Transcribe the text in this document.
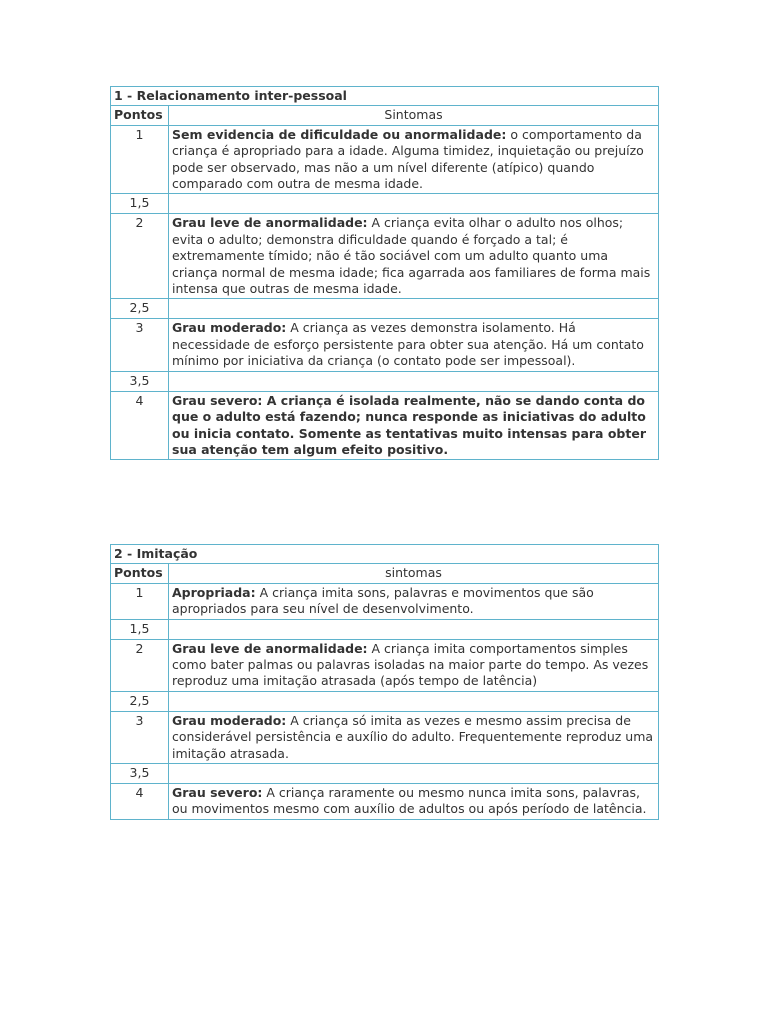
1 - Relacionamento inter-pessoal	
Pontos	Sintomas
1	Sem evidencia de dificuldade ou anormalidade: o comportamento da criança é apropriado para a idade. Alguma timidez, inquietação ou prejuízo pode ser observado, mas não a um nível diferente (atípico) quando comparado com outra de mesma idade.
1,5	
2	Grau leve de anormalidade: A criança evita olhar o adulto nos olhos; evita o adulto; demonstra dificuldade quando é forçado a tal; é extremamente tímido; não é tão sociável com um adulto quanto uma criança normal de mesma idade; fica agarrada aos familiares de forma mais intensa que outras de mesma idade.
2,5	
3	Grau moderado: A criança as vezes demonstra isolamento. Há necessidade de esforço persistente para obter sua atenção. Há um contato mínimo por iniciativa da criança (o contato pode ser impessoal).
3,5	
4	Grau severo: A criança é isolada realmente, não se dando conta do que o adulto está fazendo; nunca responde as iniciativas do adulto ou inicia contato. Somente as tentativas muito intensas para obter sua atenção tem algum efeito positivo.
2 - Imitação	
Pontos	sintomas
1	Apropriada: A criança imita sons, palavras e movimentos que são apropriados para seu nível de desenvolvimento.
1,5	
2	Grau leve de anormalidade: A criança imita comportamentos simples como bater palmas ou palavras isoladas na maior parte do tempo. As vezes reproduz uma imitação atrasada (após tempo de latência)
2,5	
3	Grau moderado: A criança só imita as vezes e mesmo assim precisa de considerável persistência e auxílio do adulto. Frequentemente reproduz uma imitação atrasada.
3,5	
4	Grau severo: A criança raramente ou mesmo nunca imita sons, palavras, ou movimentos mesmo com auxílio de adultos ou após período de latência.
